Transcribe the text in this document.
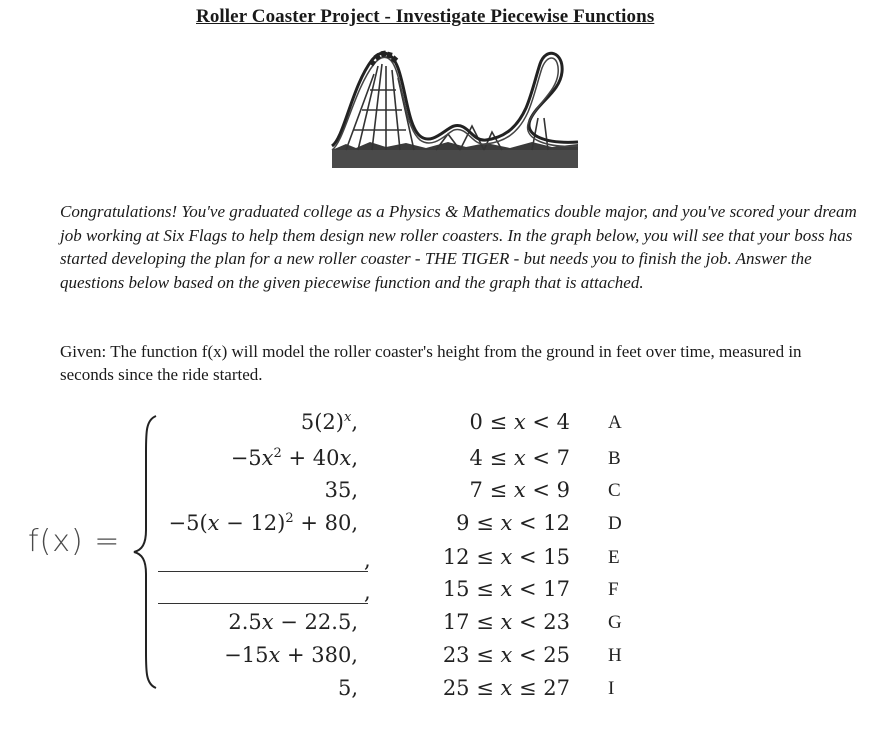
Roller Coaster Project - Investigate Piecewise Functions

Congratulations! You've graduated college as a Physics & Mathematics double major, and you've scored your dream job working at Six Flags to help them design new roller coasters. In the graph below, you will see that your boss has started developing the plan for a new roller coaster - THE TIGER - but needs you to finish the job. Answer the questions below based on the given piecewise function and the graph that is attached.

Given: The function f(x) will model the roller coaster's height from the ground in feet over time, measured in seconds since the ride started.

f(x) =
$5(2)^x$,	0 ≤ x < 4 A
$-5x^2 + 40x$,	4 ≤ x < 7 B
35,	7 ≤ x < 9 C
$-5(x - 12)^2 + 80$,	9 ≤ x < 12 D
,	12 ≤ x < 15 E
,	15 ≤ x < 17 F
2.5x − 22.5,	17 ≤ x < 23 G
−15x + 380,	23 ≤ x < 25 H
5,	25 ≤ x ≤ 27 I
